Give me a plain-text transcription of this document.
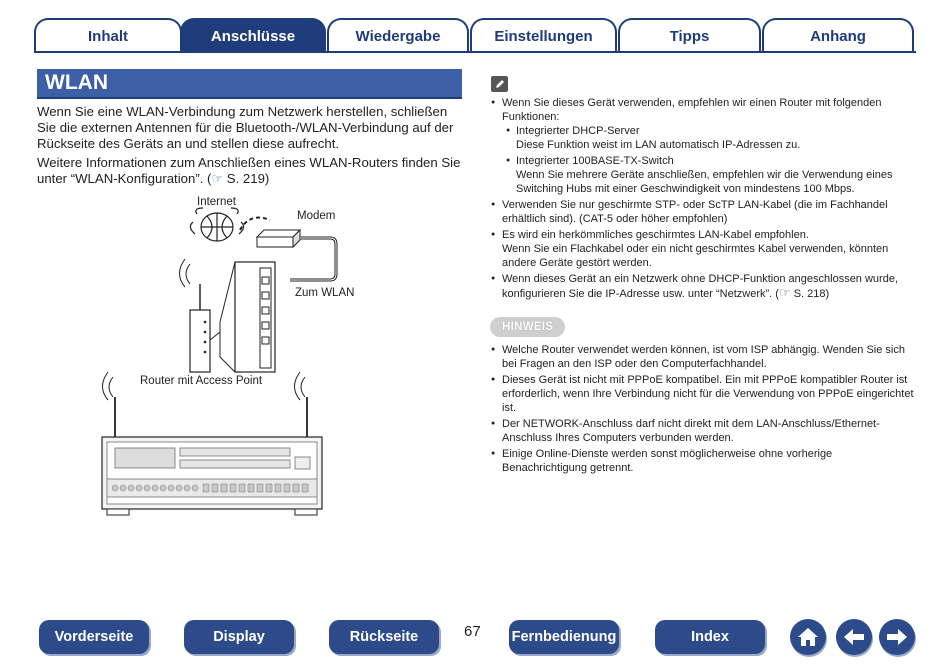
Inhalt	Anschlüsse	Wiedergabe	Einstellungen	Tipps	Anhang
WLAN

Wenn Sie eine WLAN-Verbindung zum Netzwerk herstellen, schließen Sie die externen Antennen für die Bluetooth-/WLAN-Verbindung auf der Rückseite des Geräts an und stellen diese aufrecht.

Weitere Informationen zum Anschließen eines WLAN-Routers finden Sie unter “WLAN-Konfiguration”. (☞ S. 219)

Internet
Modem
Zum WLAN
Router mit Access Point
● Wenn Sie dieses Gerät verwenden, empfehlen wir einen Router mit folgenden Funktionen:
● Integrierter DHCP-Server
Diese Funktion weist im LAN automatisch IP-Adressen zu.
● Integrierter 100BASE-TX-Switch
Wenn Sie mehrere Geräte anschließen, empfehlen wir die Verwendung eines Switching Hubs mit einer Geschwindigkeit von mindestens 100 Mbps.
● Verwenden Sie nur geschirmte STP- oder ScTP LAN-Kabel (die im Fachhandel erhältlich sind). (CAT-5 oder höher empfohlen)
● Es wird ein herkömmliches geschirmtes LAN-Kabel empfohlen.
Wenn Sie ein Flachkabel oder ein nicht geschirmtes Kabel verwenden, könnten andere Geräte gestört werden.
● Wenn dieses Gerät an ein Netzwerk ohne DHCP-Funktion angeschlossen wurde, konfigurieren Sie die IP-Adresse usw. unter “Netzwerk”. (☞ S. 218)
HINWEIS
● Welche Router verwendet werden können, ist vom ISP abhängig. Wenden Sie sich bei Fragen an den ISP oder den Computerfachhandel.
● Dieses Gerät ist nicht mit PPPoE kompatibel. Ein mit PPPoE kompatibler Router ist erforderlich, wenn Ihre Verbindung nicht für die Verwendung von PPPoE eingerichtet ist.
● Der NETWORK-Anschluss darf nicht direkt mit dem LAN-Anschluss/Ethernet-Anschluss Ihres Computers verbunden werden.
● Einige Online-Dienste werden sonst möglicherweise ohne vorherige Benachrichtigung getrennt.
Vorderseite	Display	Rückseite	67 Fernbedienung	Index
